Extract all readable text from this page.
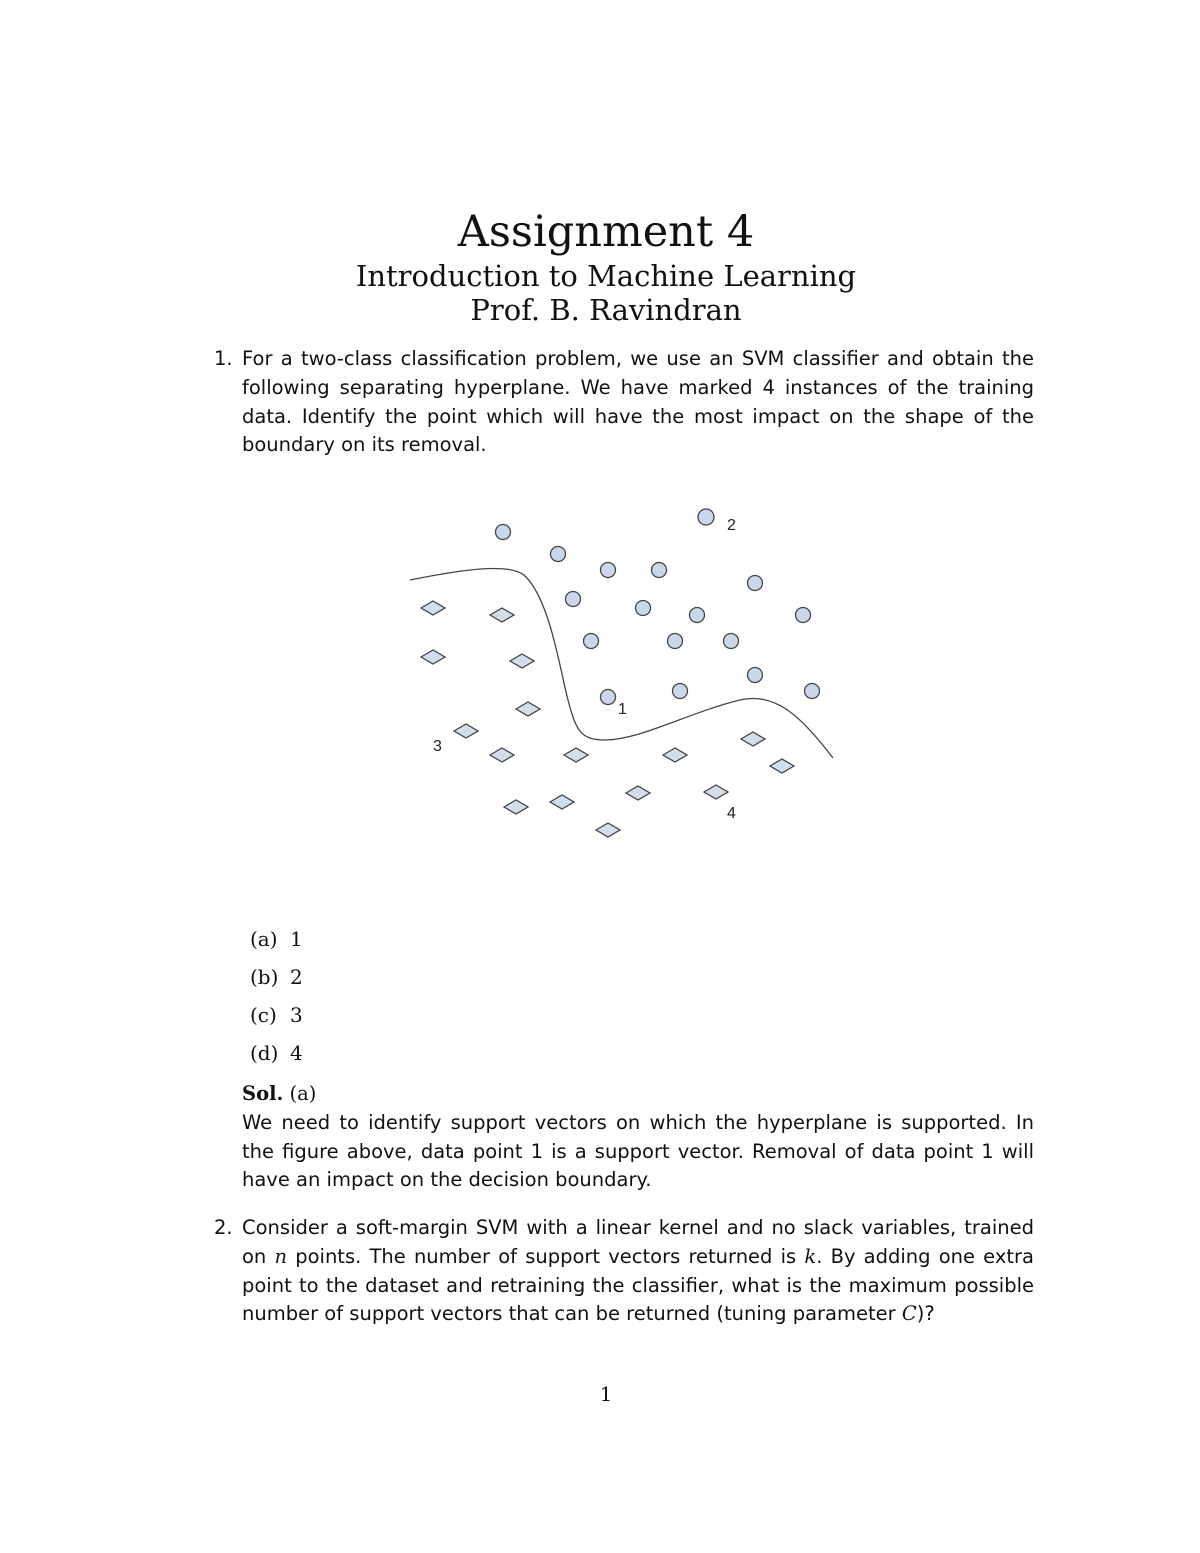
Assignment 4
Introduction to Machine Learning
Prof. B. Ravindran
1. For a two-class classification problem, we use an SVM classifier and obtain the following separating hyperplane. We have marked 4 instances of the training data. Identify the point which will have the most impact on the shape of the boundary on its removal.
2
1
3
4
(a) 1
(b) 2
(c) 3
(d) 4
Sol. (a)
We need to identify support vectors on which the hyperplane is supported. In the figure above, data point 1 is a support vector. Removal of data point 1 will have an impact on the decision boundary.
2. Consider a soft-margin SVM with a linear kernel and no slack variables, trained on n points. The number of support vectors returned is k. By adding one extra point to the dataset and retraining the classifier, what is the maximum possible number of support vectors that can be returned (tuning parameter C)?
1
